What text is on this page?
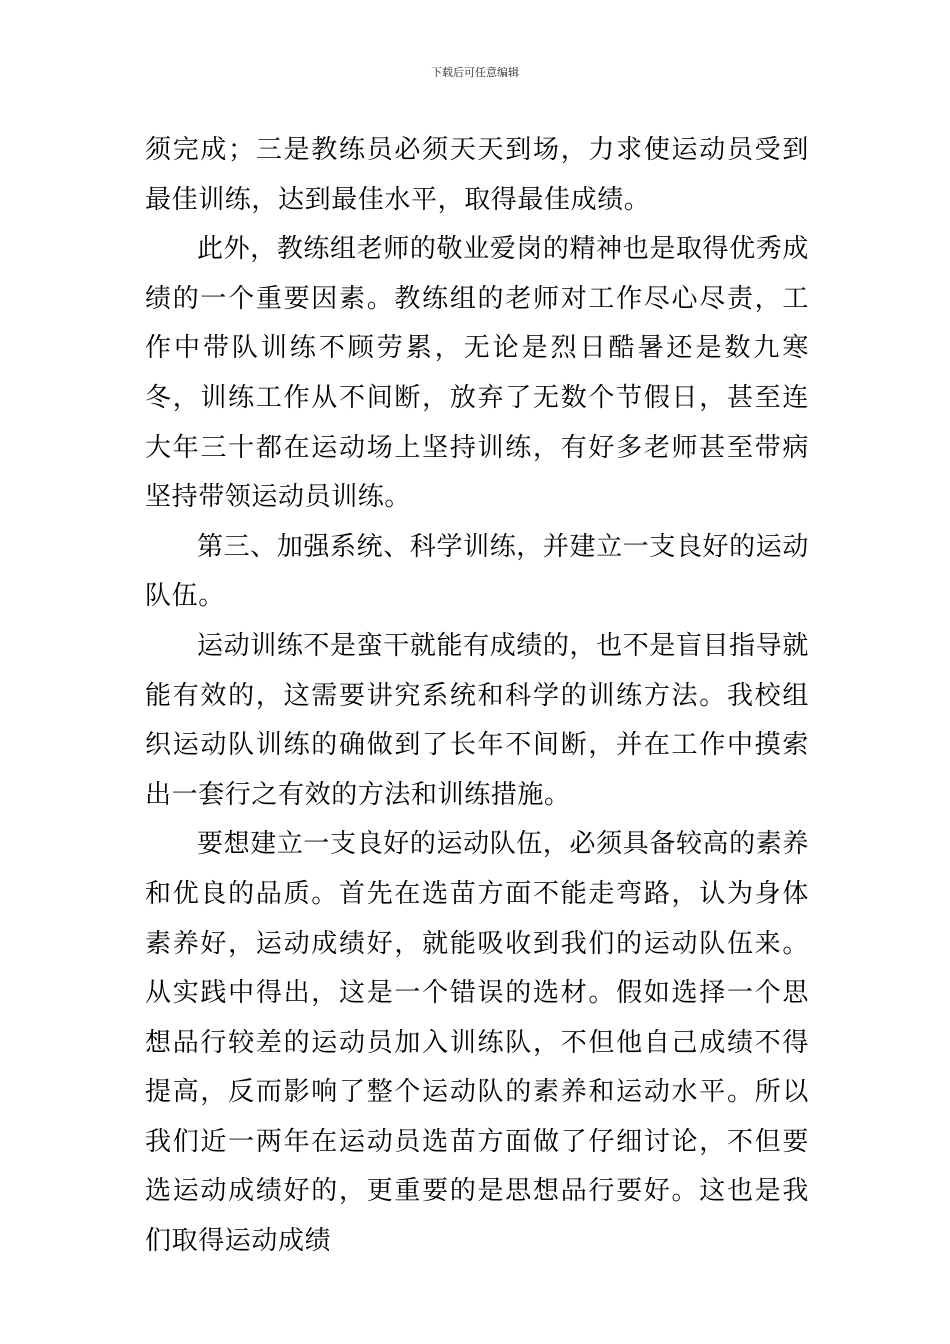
下载后可任意编辑

须完成；三是教练员必须天天到场，力求使运动员受到最佳训练，达到最佳水平，取得最佳成绩。

此外，教练组老师的敬业爱岗的精神也是取得优秀成绩的一个重要因素。教练组的老师对工作尽心尽责，工作中带队训练不顾劳累，无论是烈日酷暑还是数九寒冬，训练工作从不间断，放弃了无数个节假日，甚至连大年三十都在运动场上坚持训练，有好多老师甚至带病坚持带领运动员训练。

第三、加强系统、科学训练，并建立一支良好的运动队伍。

运动训练不是蛮干就能有成绩的，也不是盲目指导就能有效的，这需要讲究系统和科学的训练方法。我校组织运动队训练的确做到了长年不间断，并在工作中摸索出一套行之有效的方法和训练措施。

要想建立一支良好的运动队伍，必须具备较高的素养和优良的品质。首先在选苗方面不能走弯路，认为身体素养好，运动成绩好，就能吸收到我们的运动队伍来。从实践中得出，这是一个错误的选材。假如选择一个思想品行较差的运动员加入训练队，不但他自己成绩不得提高，反而影响了整个运动队的素养和运动水平。所以我们近一两年在运动员选苗方面做了仔细讨论，不但要选运动成绩好的，更重要的是思想品行要好。这也是我们取得运动成绩
